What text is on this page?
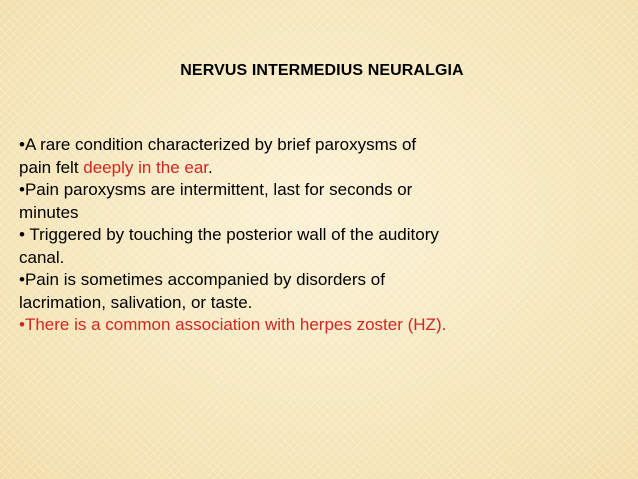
NERVUS INTERMEDIUS NEURALGIA
•A rare condition characterized by brief paroxysms of
pain felt deeply in the ear.
•Pain paroxysms are intermittent, last for seconds or
minutes
• Triggered by touching the posterior wall of the auditory
canal.
•Pain is sometimes accompanied by disorders of
lacrimation, salivation, or taste.
•There is a common association with herpes zoster (HZ).
